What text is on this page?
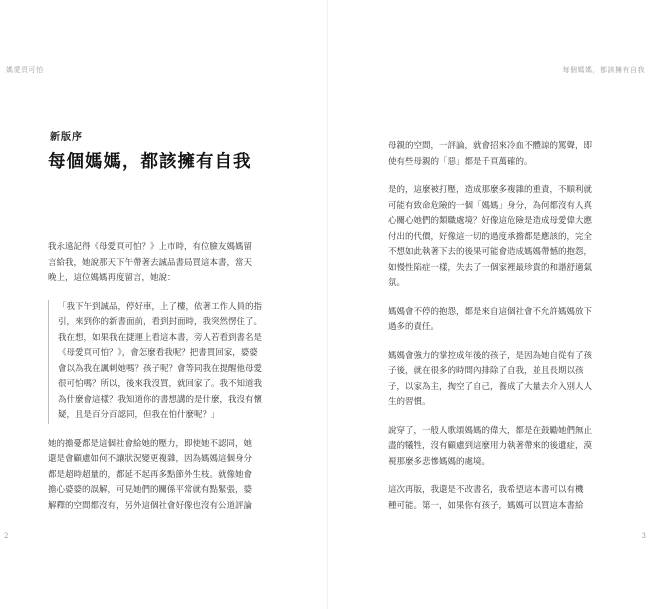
媽愛頁可怕
新版序
每個媽媽，都該擁有自我

我永遠記得《母愛頁可怕？》上市時，有位臉友媽媽留
言給我，她說那天下午帶著去誠品書局買這本書，當天
晚上，這位媽媽再度留言，她說：

「我下午到誠品，停好車，上了樓，依著工作人員的指
引，來到你的新書面前，看到封面時，我突然愣住了。
我在想，如果我在捷運上看這本書，旁人若看到書名是
《母愛頁可怕？》，會怎麼看我呢？把書買回家，婆婆
會以為我在諷刺她嗎？孩子呢？會等同我在提醒他母愛
很可怕嗎？所以，後來我沒買，就回家了。我不知道我
為什麼會這樣？我知道你的書想講的是什麼，我沒有懷
疑，且是百分百認同，但我在怕什麼呢？」

她的擔憂都是這個社會給她的壓力，即使她不認同，她
還是會顧慮如何不讓狀況變更複雜，因為媽媽這個身分
都是超時超量的，都延不起再多點節外生枝。就像她會
擔心婆婆的誤解，可見她們的關係平常就有點緊張，婆
解釋的空間都沒有，另外這個社會好像也沒有公道評論

2
每個媽媽，都該擁有自我

母親的空間，一評論，就會招來冷血不體諒的罵聲，即
使有些母親的「惡」都是千頁萬確的。

是的，這麼被打壓，造成那麼多複雜的重責，不順利就
可能有致命危險的一個「媽媽」身分，為何都沒有人真
心關心她們的類職處境？好像這危險是造成母愛偉大應
付出的代價，好像這一切的過度承擔都是應該的，完全
不想如此執著下去的後果可能會造成媽媽帶憾的抱怨，
如慢性陷症一樣，失去了一個家裡最珍貴的和諧舒適氣
氛。

媽媽會不停的抱怨，都是來自這個社會不允許媽媽放下
過多的責任。

媽媽會強力的掌控成年後的孩子，是因為她自從有了孩
子後，就在很多的時間內排除了自我，並且長期以孩
子，以家為主，掏空了自己，養成了大量去介入別人人
生的習慣。

說穿了，一般人歌頌媽媽的偉大，都是在鼓勵她們無止
盡的犧牲，沒有顧慮到這麼用力執著帶來的後遺症，漠
視那麼多悲慘媽媽的處境。

這次再版，我還是不改書名，我希望這本書可以有機
種可能。第一，如果你有孩子，媽媽可以買這本書給

3
